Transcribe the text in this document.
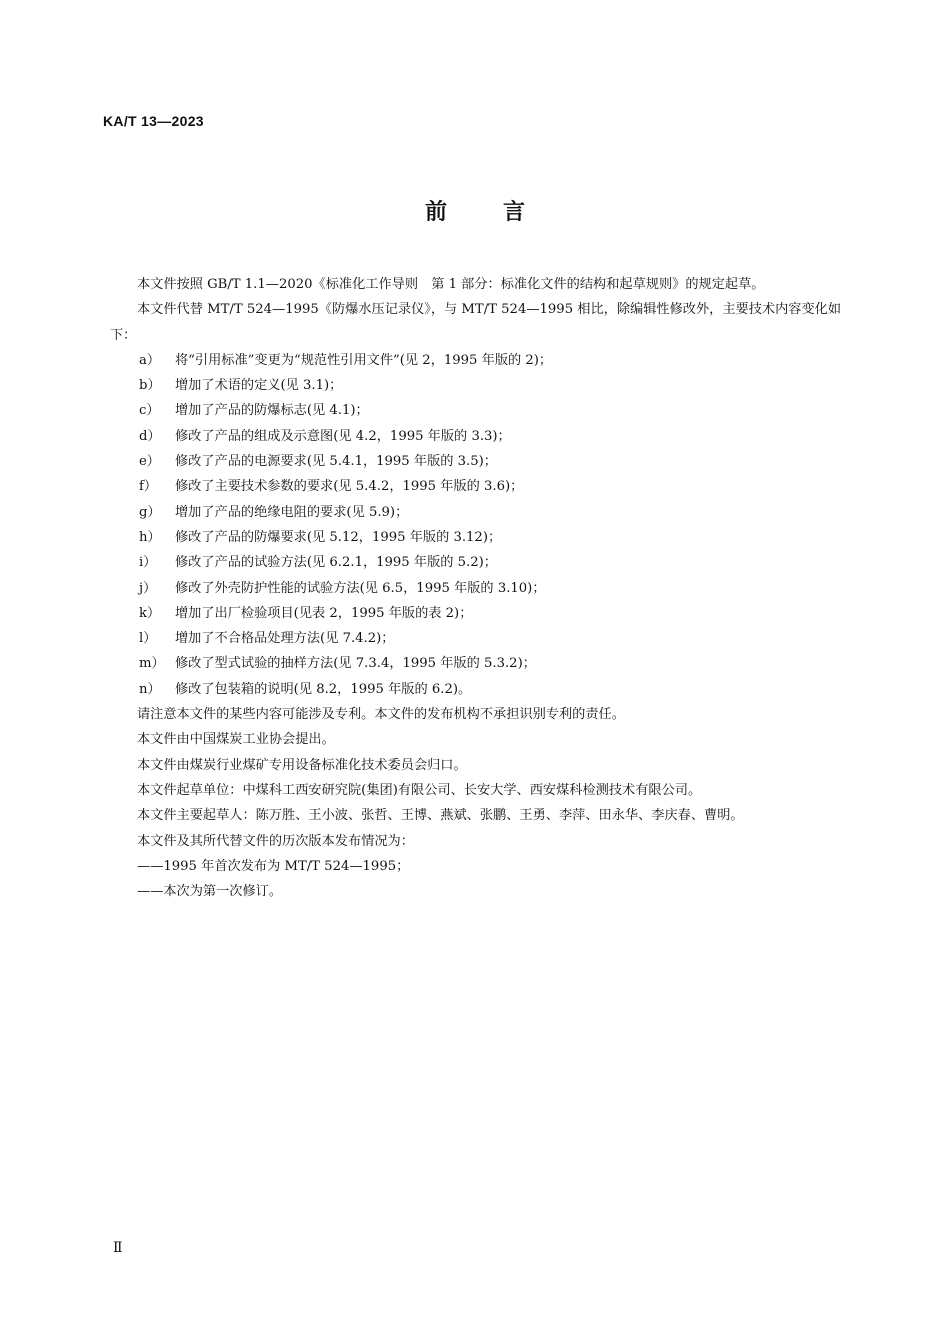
KA/T 13—2023
前言

本文件按照 GB/T 1.1—2020《标准化工作导则　第 1 部分：标准化文件的结构和起草规则》的规定起草。

本文件代替 MT/T 524—1995《防爆水压记录仪》，与 MT/T 524—1995 相比，除编辑性修改外，主要技术内容变化如下：

a） 将“引用标准”变更为“规范性引用文件”(见 2，1995 年版的 2)；
b） 增加了术语的定义(见 3.1)；
c） 增加了产品的防爆标志(见 4.1)；
d） 修改了产品的组成及示意图(见 4.2，1995 年版的 3.3)；
e） 修改了产品的电源要求(见 5.4.1，1995 年版的 3.5)；
f） 修改了主要技术参数的要求(见 5.4.2，1995 年版的 3.6)；
g） 增加了产品的绝缘电阻的要求(见 5.9)；
h） 修改了产品的防爆要求(见 5.12，1995 年版的 3.12)；
i） 修改了产品的试验方法(见 6.2.1，1995 年版的 5.2)；
j） 修改了外壳防护性能的试验方法(见 6.5，1995 年版的 3.10)；
k） 增加了出厂检验项目(见表 2，1995 年版的表 2)；
l） 增加了不合格品处理方法(见 7.4.2)；
m） 修改了型式试验的抽样方法(见 7.3.4，1995 年版的 5.3.2)；
n） 修改了包装箱的说明(见 8.2，1995 年版的 6.2)。

请注意本文件的某些内容可能涉及专利。本文件的发布机构不承担识别专利的责任。

本文件由中国煤炭工业协会提出。

本文件由煤炭行业煤矿专用设备标准化技术委员会归口。

本文件起草单位：中煤科工西安研究院(集团)有限公司、长安大学、西安煤科检测技术有限公司。

本文件主要起草人：陈万胜、王小波、张哲、王博、燕斌、张鹏、王勇、李萍、田永华、李庆春、曹明。

本文件及其所代替文件的历次版本发布情况为：

——1995 年首次发布为 MT/T 524—1995；

——本次为第一次修订。

Ⅱ
